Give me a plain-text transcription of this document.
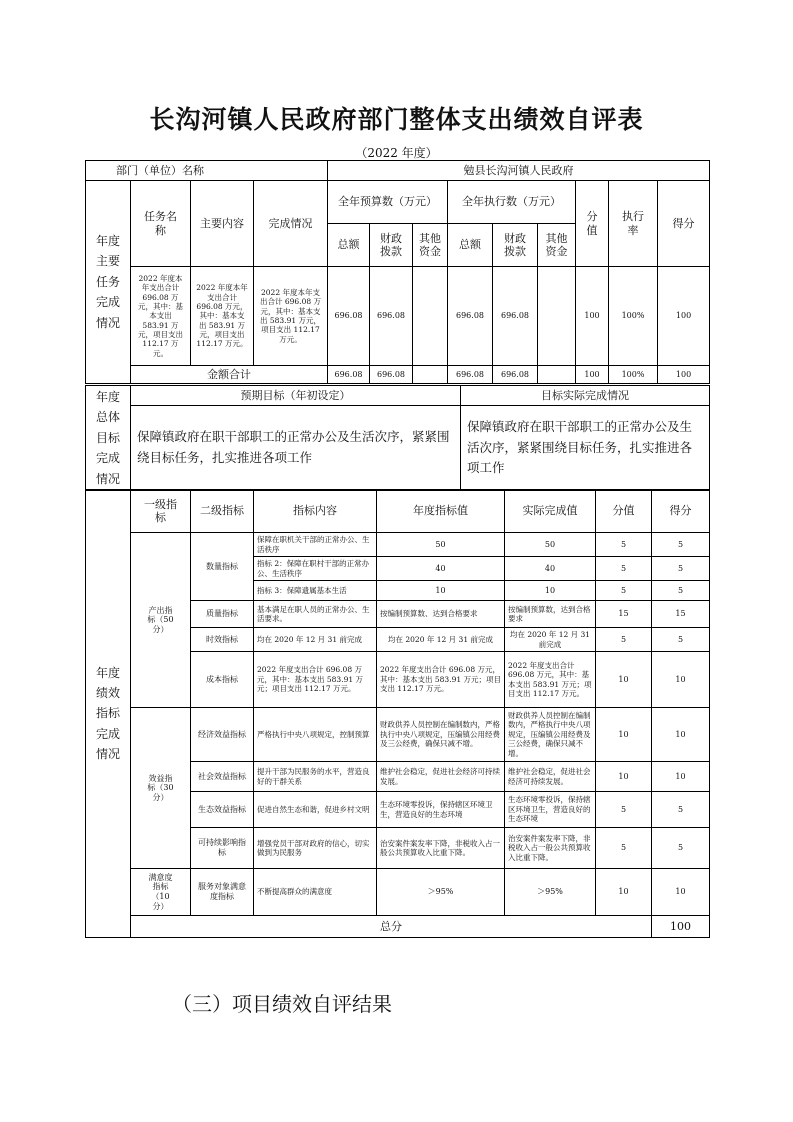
长沟河镇人民政府部门整体支出绩效自评表
（2022 年度）
部门（单位）名称				勉县长沟河镇人民政府								
年度主要任务完成情况	任务名称	主要内容	完成情况	全年预算数（万元）			全年执行数（万元）			分值	执行率	得分
				总额	财政拨款	其他资金	总额	财政拨款	其他资金			
	2022 年度本年支出合计 696.08 万元，其中：基本支出 583.91 万元，项目支出 112.17 万元。	2022 年度本年支出合计 696.08 万元，其中：基本支出 583.91 万元，项目支出 112.17 万元。	2022 年度本年支出合计 696.08 万元，其中：基本支出 583.91 万元，项目支出 112.17 万元。	696.08	696.08		696.08	696.08		100	100%	100
	金额合计			696.08	696.08		696.08	696.08		100	100%	100
年度总体目标完成情况	预期目标（年初设定）	目标实际完成情况
	保障镇政府在职干部职工的正常办公及生活次序，紧紧围绕目标任务，扎实推进各项工作	保障镇政府在职干部职工的正常办公及生活次序，紧紧围绕目标任务，扎实推进各项工作
年度绩效指标完成情况	一级指标	二级指标	指标内容	年度指标值	实际完成值	分值	得分	
	产出指标（50 分）	数量指标	保障在职机关干部的正常办公、生活秩序	50	50	5	5	
			指标 2：保障在职村干部的正常办公、生活秩序	40	40	5	5	
			指标 3：保障遗属基本生活	10	10	5	5	
		质量指标	基本满足在职人员的正常办公、生活要求。	按编制预算数、达到合格要求	按编制预算数，达到合格要求	15	15	
		时效指标	均在 2020 年 12 月 31 前完成	均在 2020 年 12 月 31 前完成	均在 2020 年 12 月 31 前完成	5	5	
		成本指标	2022 年度支出合计 696.08 万元，其中：基本支出 583.91 万元；项目支出 112.17 万元。	2022 年度支出合计 696.08 万元，其中：基本支出 583.91 万元；项目支出 112.17 万元。	2022 年度支出合计 696.08 万元，其中：基本支出 583.91 万元；项目支出 112.17 万元。	10	10	
	效益指标（30 分）	经济效益指标	严格执行中央八项规定，控制预算	财政供养人员控制在编制数内，严格执行中央八项规定，压编镇公用经费及三公经费，确保只减不增。	财政供养人员控制在编制数内，严格执行中央八项规定，压编镇公用经费及三公经费，确保只减不增。	10	10	
		社会效益指标	提升干部为民服务的水平，营造良好的干群关系	维护社会稳定，促进社会经济可持续发展。	维护社会稳定，促进社会经济可持续发展。	10	10	
		生态效益指标	促进自然生态和谐，促进乡村文明	生态环境零投诉，保持辖区环境卫生，营造良好的生态环境	生态环境零投诉，保持辖区环境卫生，营造良好的生态环境	5	5	
		可持续影响指标	增强党员干部对政府的信心，切实做到为民服务	治安案件案发率下降，非税收入占一般公共预算收入比重下降。	治安案件案发率下降，非税收入占一般公共预算收入比重下降。	5	5	
	满意度指标（10 分）	服务对象满意度指标	不断提高群众的满意度	＞95%	＞95%	10	10	
	总分						100	
（三）项目绩效自评结果
